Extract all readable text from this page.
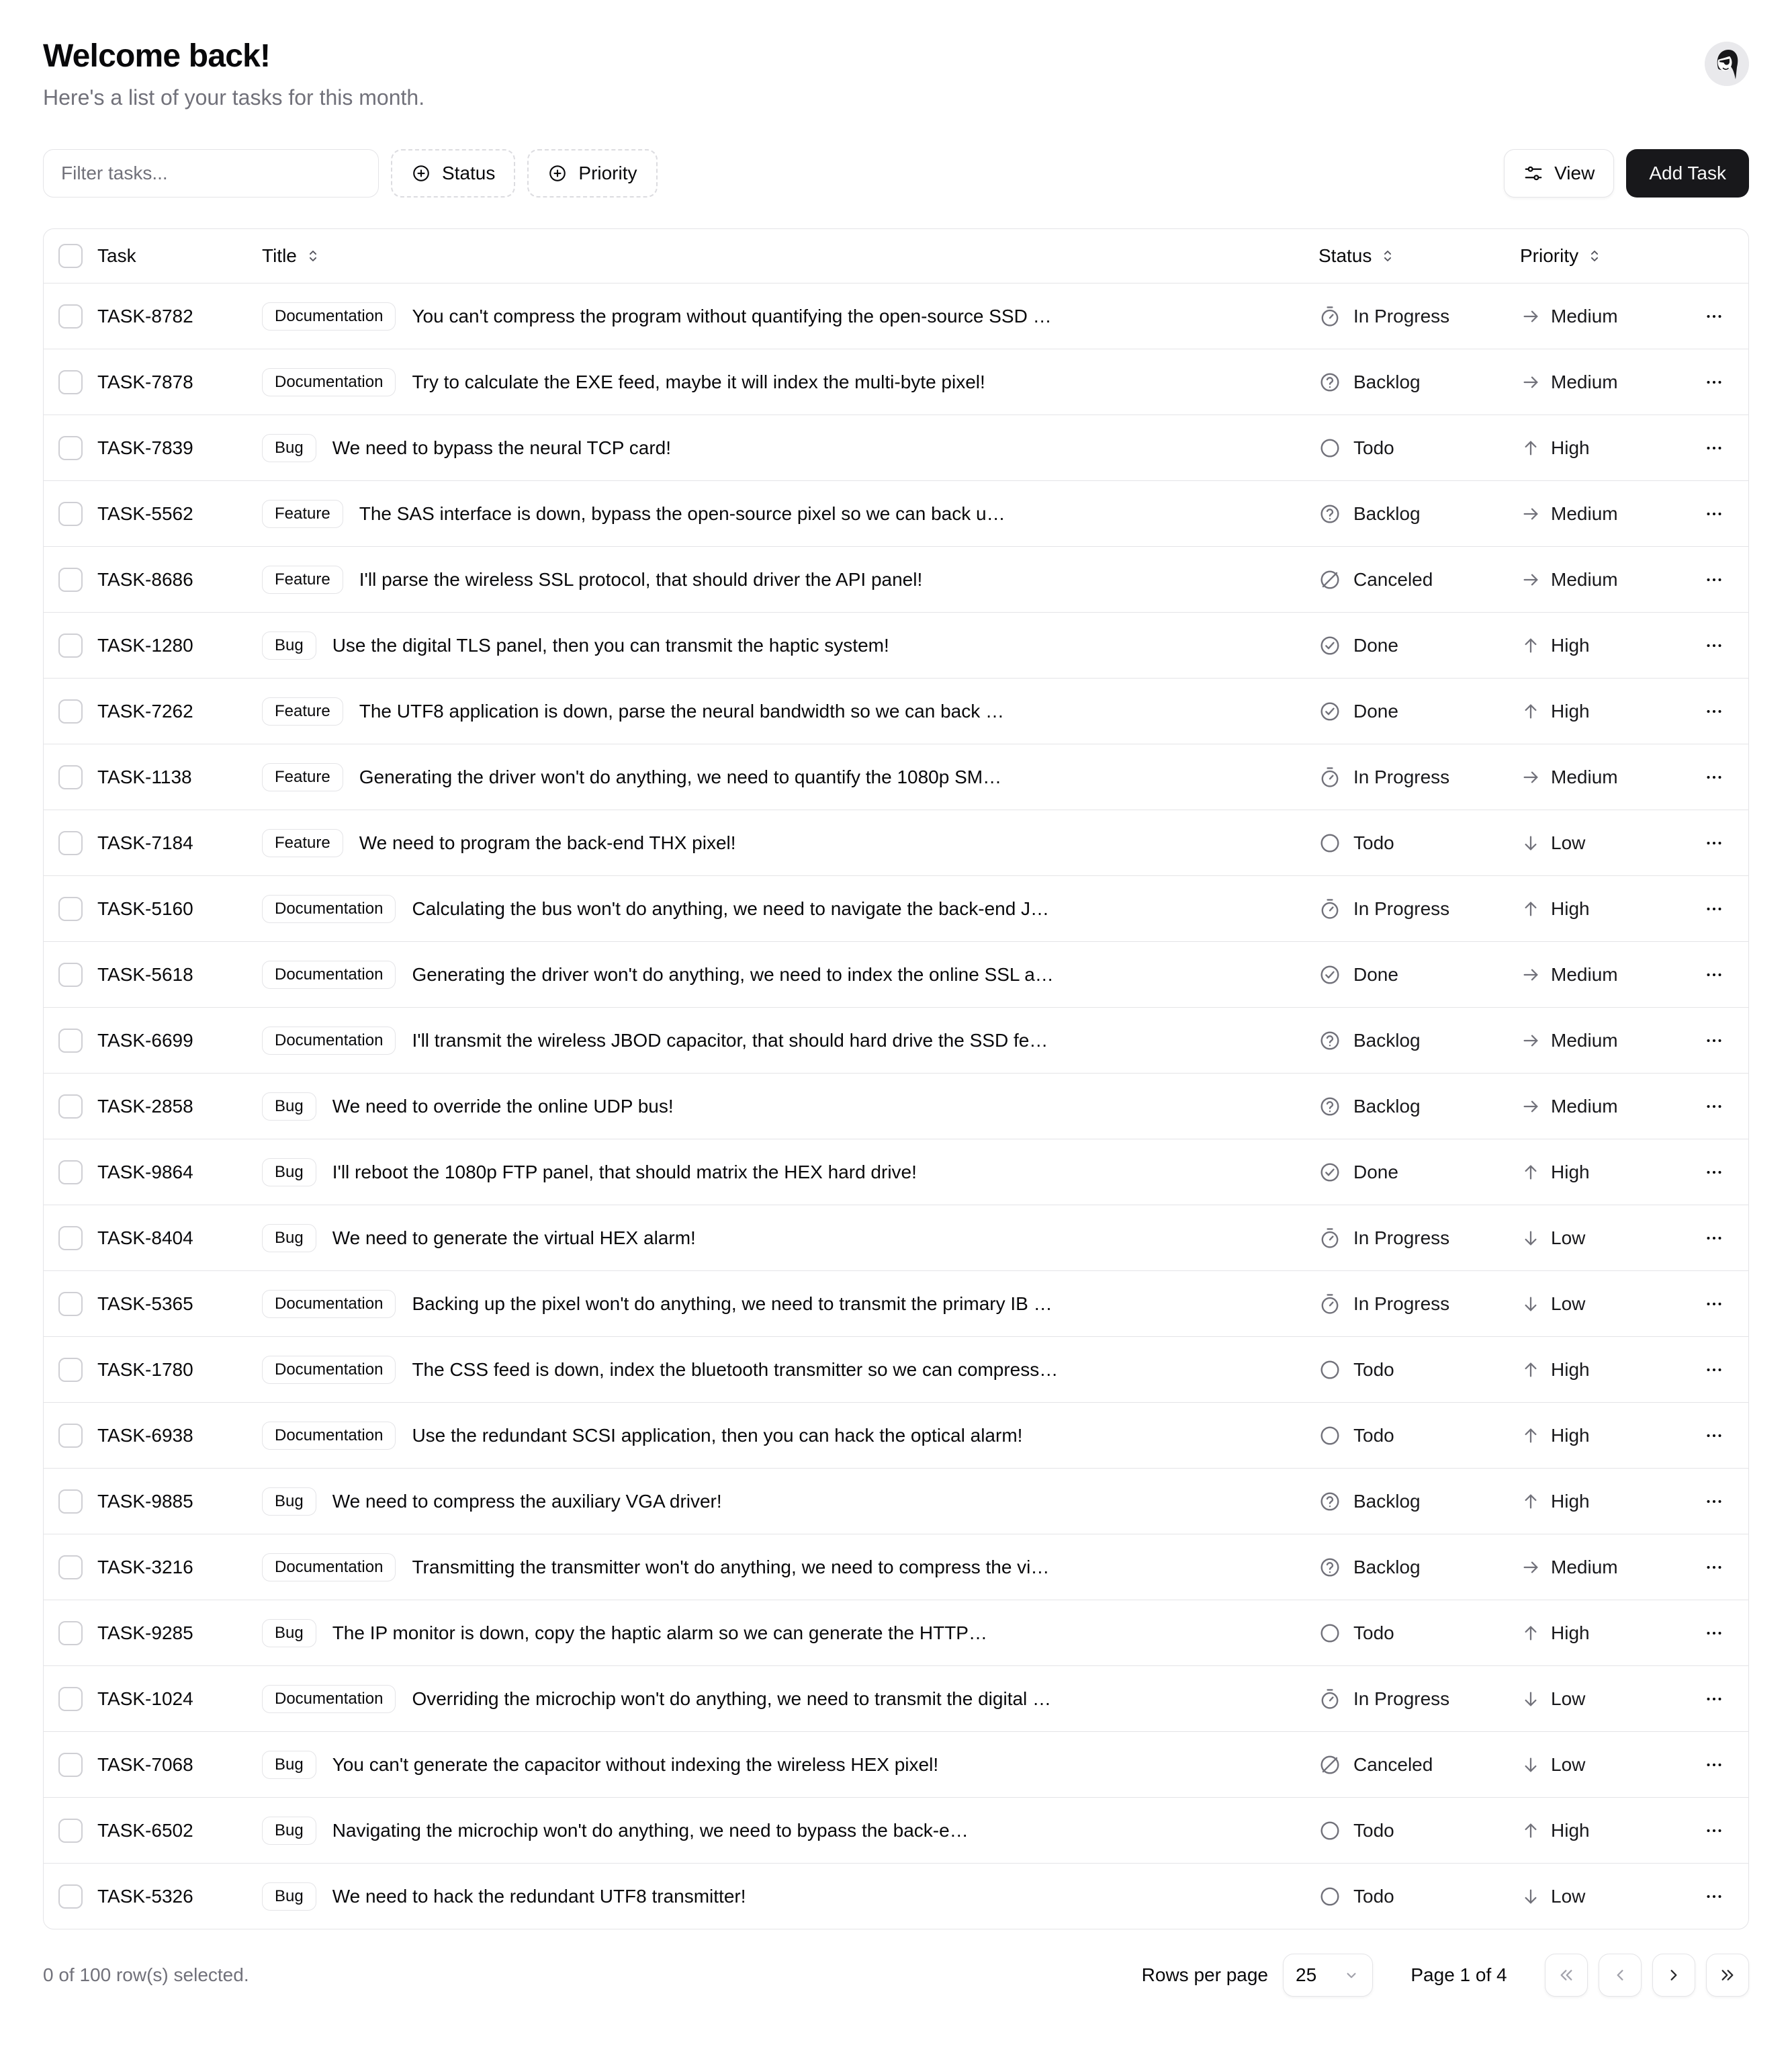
Welcome back!

Here's a list of your tasks for this month.

Filter tasks...
Status	Priority	View	Add Task
Task	Title	Status	Priority
TASK-8782	Documentation	You can't compress the program without quantifying the open-source SSD …	In Progress	Medium
TASK-7878	Documentation	Try to calculate the EXE feed, maybe it will index the multi-byte pixel!	Backlog	Medium
TASK-7839	Bug	We need to bypass the neural TCP card!	Todo	High
TASK-5562	Feature	The SAS interface is down, bypass the open-source pixel so we can back u…	Backlog	Medium
TASK-8686	Feature	I'll parse the wireless SSL protocol, that should driver the API panel!	Canceled	Medium
TASK-1280	Bug	Use the digital TLS panel, then you can transmit the haptic system!	Done	High
TASK-7262	Feature	The UTF8 application is down, parse the neural bandwidth so we can back …	Done	High
TASK-1138	Feature	Generating the driver won't do anything, we need to quantify the 1080p SM…	In Progress	Medium
TASK-7184	Feature	We need to program the back-end THX pixel!	Todo	Low
TASK-5160	Documentation	Calculating the bus won't do anything, we need to navigate the back-end J…	In Progress	High
TASK-5618	Documentation	Generating the driver won't do anything, we need to index the online SSL a…	Done	Medium
TASK-6699	Documentation	I'll transmit the wireless JBOD capacitor, that should hard drive the SSD fe…	Backlog	Medium
TASK-2858	Bug	We need to override the online UDP bus!	Backlog	Medium
TASK-9864	Bug	I'll reboot the 1080p FTP panel, that should matrix the HEX hard drive!	Done	High
TASK-8404	Bug	We need to generate the virtual HEX alarm!	In Progress	Low
TASK-5365	Documentation	Backing up the pixel won't do anything, we need to transmit the primary IB …	In Progress	Low
TASK-1780	Documentation	The CSS feed is down, index the bluetooth transmitter so we can compress…	Todo	High
TASK-6938	Documentation	Use the redundant SCSI application, then you can hack the optical alarm!	Todo	High
TASK-9885	Bug	We need to compress the auxiliary VGA driver!	Backlog	High
TASK-3216	Documentation	Transmitting the transmitter won't do anything, we need to compress the vi…	Backlog	Medium
TASK-9285	Bug	The IP monitor is down, copy the haptic alarm so we can generate the HTTP…	Todo	High
TASK-1024	Documentation	Overriding the microchip won't do anything, we need to transmit the digital …	In Progress	Low
TASK-7068	Bug	You can't generate the capacitor without indexing the wireless HEX pixel!	Canceled	Low
TASK-6502	Bug	Navigating the microchip won't do anything, we need to bypass the back-e…	Todo	High
TASK-5326	Bug	We need to hack the redundant UTF8 transmitter!	Todo	Low
0 of 100 row(s) selected.	Rows per page 25	Page 1 of 4
